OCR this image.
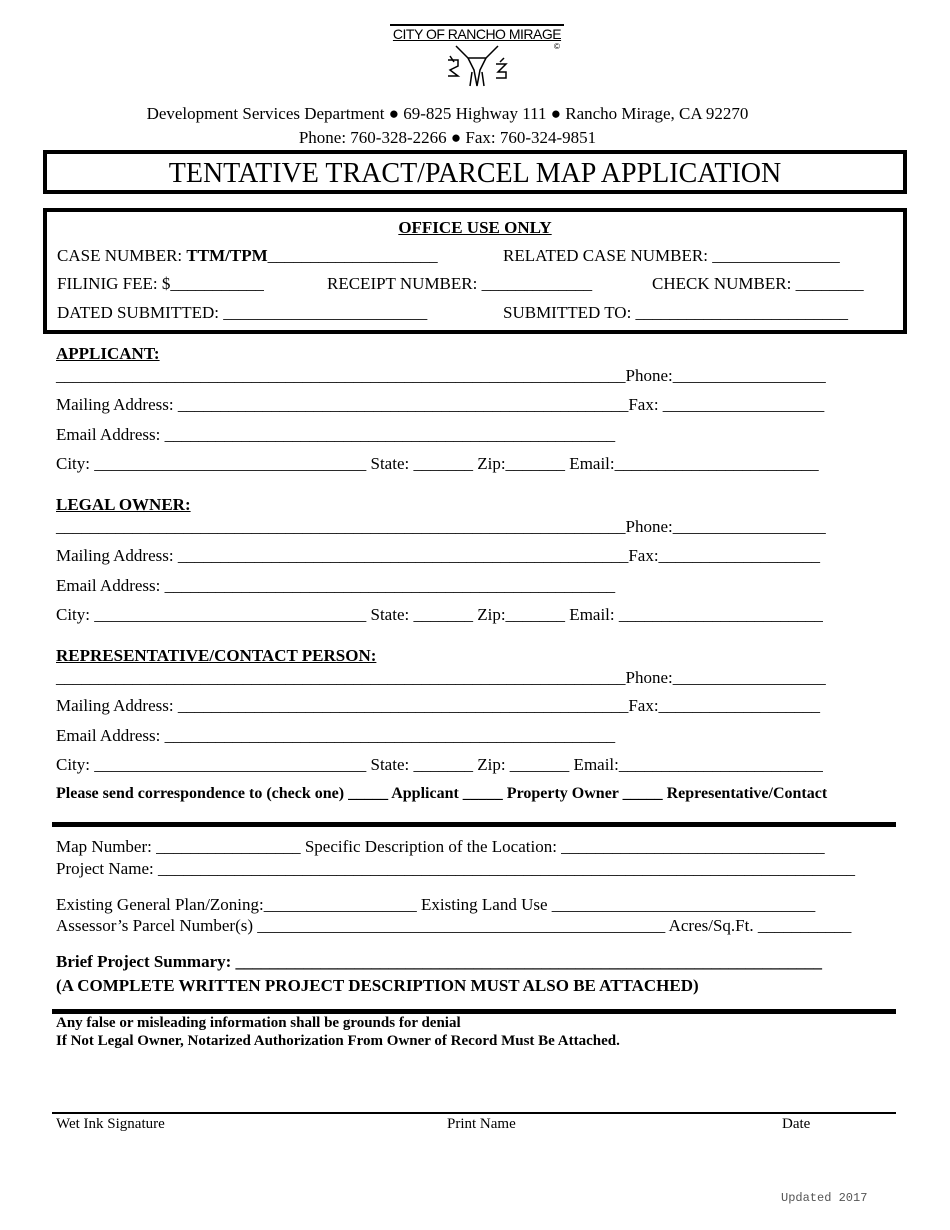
CITY OF RANCHO MIRAGE
©
Development Services Department ● 69-825 Highway 111 ● Rancho Mirage, CA 92270
Phone: 760-328-2266 ● Fax: 760-324-9851
TENTATIVE TRACT/PARCEL MAP APPLICATION
OFFICE USE ONLY
CASE NUMBER: TTM/TPM____________________	RELATED CASE NUMBER: _______________
FILINIG FEE: $___________	RECEIPT NUMBER: _____________	CHECK NUMBER: ________
DATED SUBMITTED: ________________________	SUBMITTED TO: _________________________
APPLICANT:
___________________________________________________________________Phone:__________________
Mailing Address: _____________________________________________________Fax: ___________________
Email Address: _____________________________________________________
City: ________________________________ State: _______ Zip:_______ Email:________________________
LEGAL OWNER:
___________________________________________________________________Phone:__________________
Mailing Address: _____________________________________________________Fax:___________________
Email Address: _____________________________________________________
City: ________________________________ State: _______ Zip:_______ Email: ________________________
REPRESENTATIVE/CONTACT PERSON:
___________________________________________________________________Phone:__________________
Mailing Address: _____________________________________________________Fax:___________________
Email Address: _____________________________________________________
City: ________________________________ State: _______ Zip: _______ Email:________________________
Please send correspondence to (check one) _____ Applicant _____ Property Owner _____ Representative/Contact
Map Number: _________________ Specific Description of the Location: _______________________________
Project Name: __________________________________________________________________________________
Existing General Plan/Zoning:__________________ Existing Land Use _______________________________
Assessor’s Parcel Number(s) ________________________________________________ Acres/Sq.Ft. ___________
Brief Project Summary: _____________________________________________________________________
(A COMPLETE WRITTEN PROJECT DESCRIPTION MUST ALSO BE ATTACHED)
Any false or misleading information shall be grounds for denial
If Not Legal Owner, Notarized Authorization From Owner of Record Must Be Attached.
Wet Ink Signature	Print Name	Date
Updated 2017
